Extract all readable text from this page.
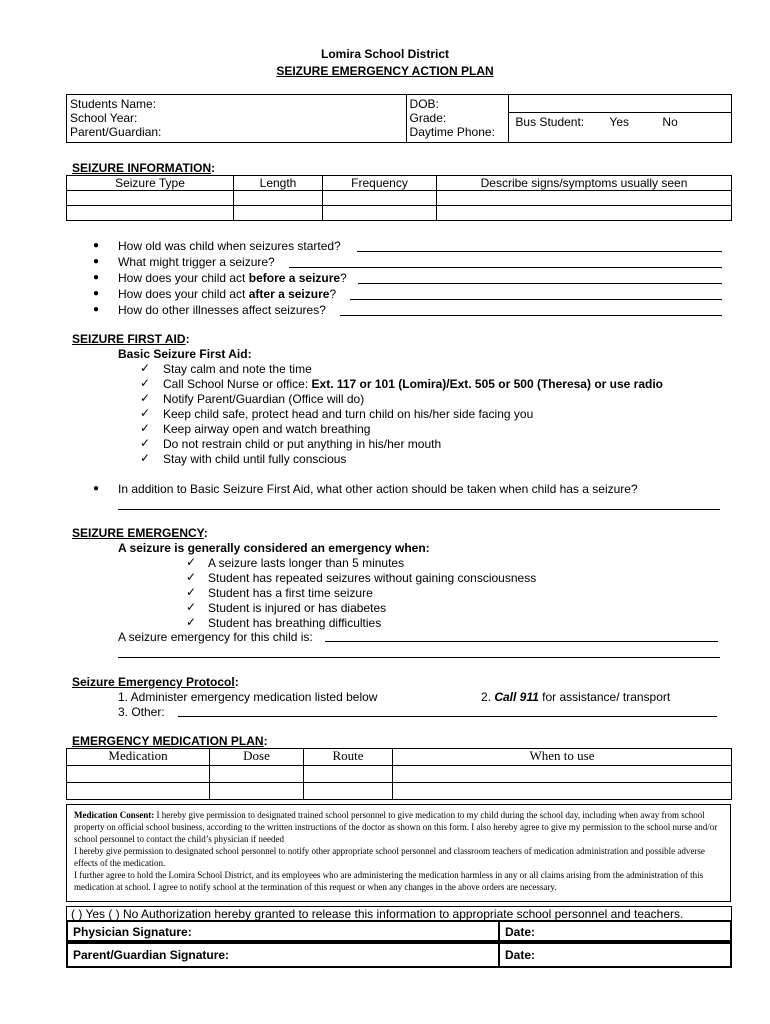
Lomira School District
SEIZURE EMERGENCY ACTION PLAN
Students Name:
School Year:
Parent/Guardian:

DOB:
Grade:
Daytime Phone:

Bus Student: Yes	No
SEIZURE INFORMATION:
Seizure Type	Length	Frequency	Describe signs/symptoms usually seen

● How old was child when seizures started?
● What might trigger a seizure?
● How does your child act before a seizure?
● How does your child act after a seizure?
● How do other illnesses affect seizures?
SEIZURE FIRST AID:
Basic Seizure First Aid:
✓ Stay calm and note the time
✓ Call School Nurse or office: Ext. 117 or 101 (Lomira)/Ext. 505 or 500 (Theresa) or use radio
✓ Notify Parent/Guardian (Office will do)
✓ Keep child safe, protect head and turn child on his/her side facing you
✓ Keep airway open and watch breathing
✓ Do not restrain child or put anything in his/her mouth
✓ Stay with child until fully conscious
● In addition to Basic Seizure First Aid, what other action should be taken when child has a seizure?
SEIZURE EMERGENCY:
A seizure is generally considered an emergency when:
✓ A seizure lasts longer than 5 minutes
✓ Student has repeated seizures without gaining consciousness
✓ Student has a first time seizure
✓ Student is injured or has diabetes
✓ Student has breathing difficulties
A seizure emergency for this child is:
Seizure Emergency Protocol:
1. Administer emergency medication listed below	2. Call 911 for assistance/ transport
3. Other:
EMERGENCY MEDICATION PLAN:
Medication	Dose	Route	When to use

Medication Consent: I hereby give permission to designated trained school personnel to give medication to my child during the school day, including when away from school property on official school business, according to the written instructions of the doctor as shown on this form. I also hereby agree to give my permission to the school nurse and/or school personnel to contact the child’s physician if needed
I hereby give permission to designated school personnel to notify other appropriate school personnel and classroom teachers of medication administration and possible adverse effects of the medication.
I further agree to hold the Lomira School District, and its employees who are administering the medication harmless in any or all claims arising from the administration of this medication at school. I agree to notify school at the termination of this request or when any changes in the above orders are necessary.
( ) Yes ( ) No Authorization hereby granted to release this information to appropriate school personnel and teachers.
Physician Signature:	Date:
Parent/Guardian Signature:	Date:
